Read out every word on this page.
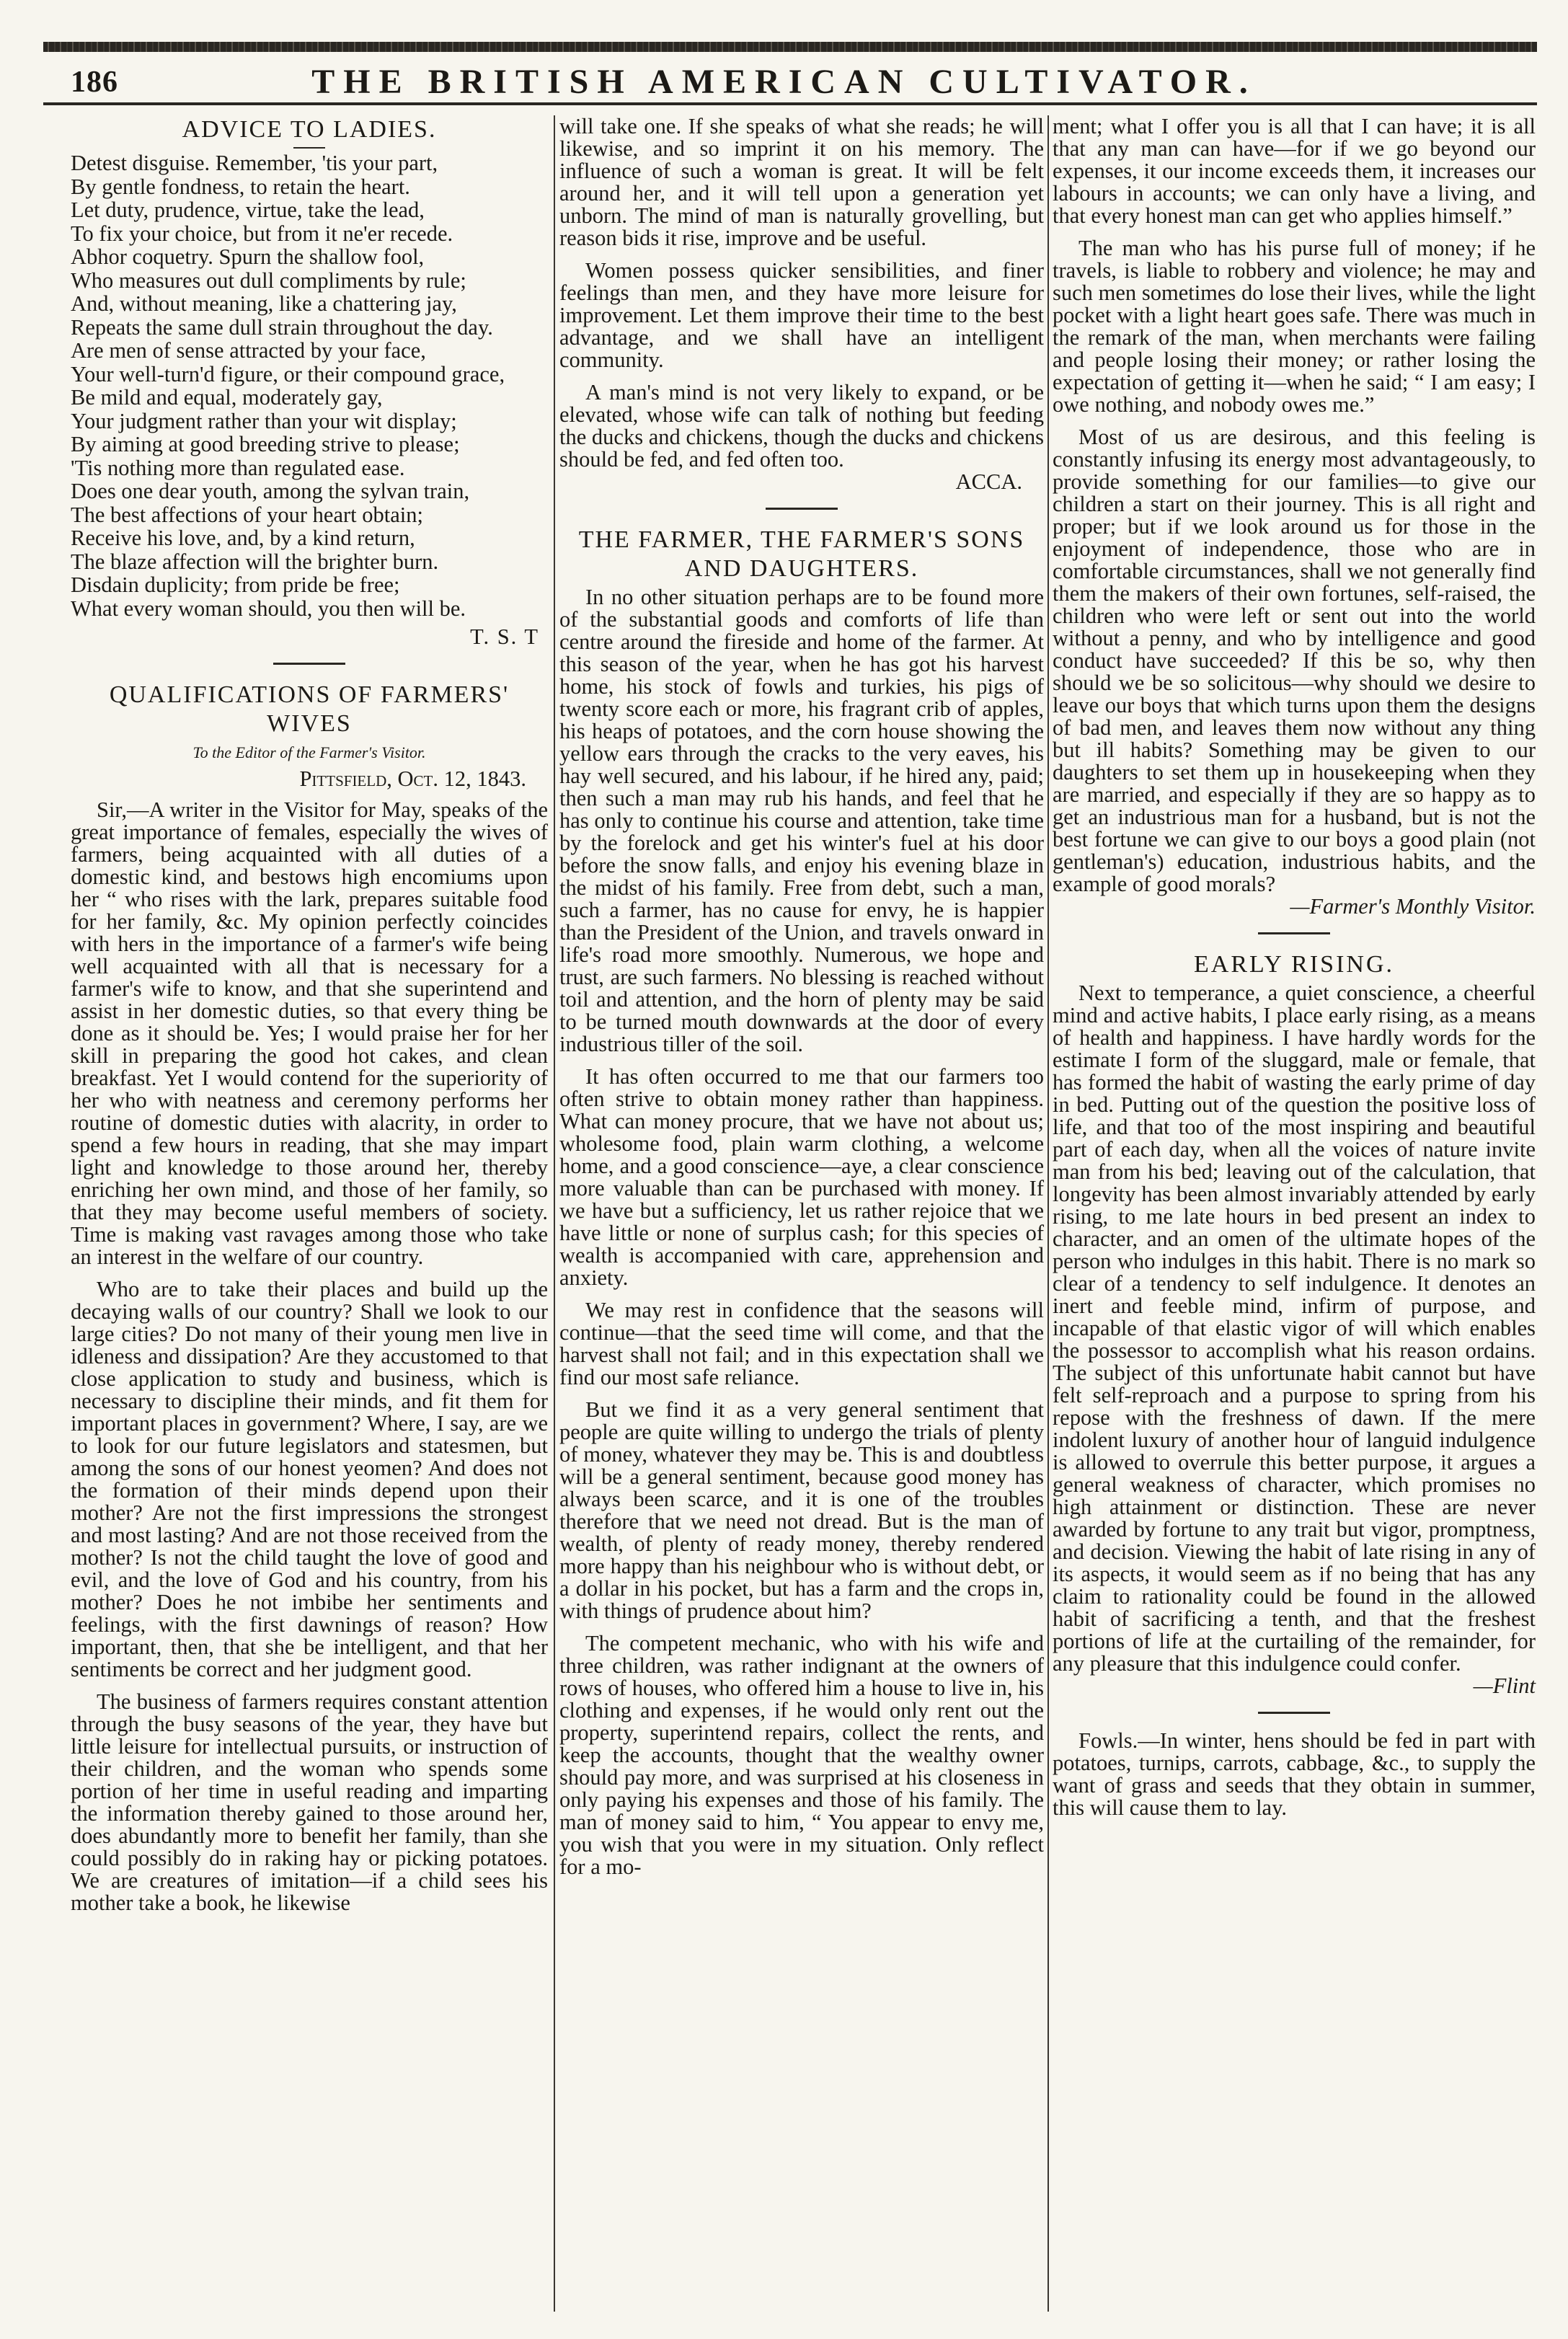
186	THE BRITISH AMERICAN CULTIVATOR.
ADVICE TO LADIES.
Detest disguise. Remember, 'tis your part,
By gentle fondness, to retain the heart.
Let duty, prudence, virtue, take the lead,
To fix your choice, but from it ne'er recede.
Abhor coquetry. Spurn the shallow fool,
Who measures out dull compliments by rule;
And, without meaning, like a chattering jay,
Repeats the same dull strain throughout the day.
Are men of sense attracted by your face,
Your well-turn'd figure, or their compound grace,
Be mild and equal, moderately gay,
Your judgment rather than your wit display;
By aiming at good breeding strive to please;
'Tis nothing more than regulated ease.
Does one dear youth, among the sylvan train,
The best affections of your heart obtain;
Receive his love, and, by a kind return,
The blaze affection will the brighter burn.
Disdain duplicity; from pride be free;
What every woman should, you then will be.
T. S. T
QUALIFICATIONS OF FARMERS' WIVES
To the Editor of the Farmer's Visitor.
Pittsfield, Oct. 12, 1843.

Sir,—A writer in the Visitor for May, speaks of the great importance of females, especially the wives of farmers, being acquainted with all duties of a domestic kind, and bestows high encomiums upon her “ who rises with the lark, prepares suitable food for her family, &c. My opinion perfectly coincides with hers in the importance of a farmer's wife being well acquainted with all that is necessary for a farmer's wife to know, and that she superintend and assist in her domestic duties, so that every thing be done as it should be. Yes; I would praise her for her skill in preparing the good hot cakes, and clean breakfast. Yet I would contend for the superiority of her who with neatness and ceremony performs her routine of domestic duties with alacrity, in order to spend a few hours in reading, that she may impart light and knowledge to those around her, thereby enriching her own mind, and those of her family, so that they may become useful members of society. Time is making vast ravages among those who take an interest in the welfare of our country.

Who are to take their places and build up the decaying walls of our country? Shall we look to our large cities? Do not many of their young men live in idleness and dissipation? Are they accustomed to that close application to study and business, which is necessary to discipline their minds, and fit them for important places in government? Where, I say, are we to look for our future legislators and statesmen, but among the sons of our honest yeomen? And does not the formation of their minds depend upon their mother? Are not the first impressions the strongest and most lasting? And are not those received from the mother? Is not the child taught the love of good and evil, and the love of God and his country, from his mother? Does he not imbibe her sentiments and feelings, with the first dawnings of reason? How important, then, that she be intelligent, and that her sentiments be correct and her judgment good.

The business of farmers requires constant attention through the busy seasons of the year, they have but little leisure for intellectual pursuits, or instruction of their children, and the woman who spends some portion of her time in useful reading and imparting the information thereby gained to those around her, does abundantly more to benefit her family, than she could possibly do in raking hay or picking potatoes. We are creatures of imitation—if a child sees his mother take a book, he likewise

will take one. If she speaks of what she reads; he will likewise, and so imprint it on his memory. The influence of such a woman is great. It will be felt around her, and it will tell upon a generation yet unborn. The mind of man is naturally grovelling, but reason bids it rise, improve and be useful.

Women possess quicker sensibilities, and finer feelings than men, and they have more leisure for improvement. Let them improve their time to the best advantage, and we shall have an intelligent community.

A man's mind is not very likely to expand, or be elevated, whose wife can talk of nothing but feeding the ducks and chickens, though the ducks and chickens should be fed, and fed often too.

ACCA.
THE FARMER, THE FARMER'S SONS AND DAUGHTERS.

In no other situation perhaps are to be found more of the substantial goods and comforts of life than centre around the fireside and home of the farmer. At this season of the year, when he has got his harvest home, his stock of fowls and turkies, his pigs of twenty score each or more, his fragrant crib of apples, his heaps of potatoes, and the corn house showing the yellow ears through the cracks to the very eaves, his hay well secured, and his labour, if he hired any, paid; then such a man may rub his hands, and feel that he has only to continue his course and attention, take time by the forelock and get his winter's fuel at his door before the snow falls, and enjoy his evening blaze in the midst of his family. Free from debt, such a man, such a farmer, has no cause for envy, he is happier than the President of the Union, and travels onward in life's road more smoothly. Numerous, we hope and trust, are such farmers. No blessing is reached without toil and attention, and the horn of plenty may be said to be turned mouth downwards at the door of every industrious tiller of the soil.

It has often occurred to me that our farmers too often strive to obtain money rather than happiness. What can money procure, that we have not about us; wholesome food, plain warm clothing, a welcome home, and a good conscience—aye, a clear conscience more valuable than can be purchased with money. If we have but a sufficiency, let us rather rejoice that we have little or none of surplus cash; for this species of wealth is accompanied with care, apprehension and anxiety.

We may rest in confidence that the seasons will continue—that the seed time will come, and that the harvest shall not fail; and in this expectation shall we find our most safe reliance.

But we find it as a very general sentiment that people are quite willing to undergo the trials of plenty of money, whatever they may be. This is and doubtless will be a general sentiment, because good money has always been scarce, and it is one of the troubles therefore that we need not dread. But is the man of wealth, of plenty of ready money, thereby rendered more happy than his neighbour who is without debt, or a dollar in his pocket, but has a farm and the crops in, with things of prudence about him?

The competent mechanic, who with his wife and three children, was rather indignant at the owners of rows of houses, who offered him a house to live in, his clothing and expenses, if he would only rent out the property, superintend repairs, collect the rents, and keep the accounts, thought that the wealthy owner should pay more, and was surprised at his closeness in only paying his expenses and those of his family. The man of money said to him, “ You appear to envy me, you wish that you were in my situation. Only reflect for a mo-

ment; what I offer you is all that I can have; it is all that any man can have—for if we go beyond our expenses, it our income exceeds them, it increases our labours in accounts; we can only have a living, and that every honest man can get who applies himself.”

The man who has his purse full of money; if he travels, is liable to robbery and violence; he may and such men sometimes do lose their lives, while the light pocket with a light heart goes safe. There was much in the remark of the man, when merchants were failing and people losing their money; or rather losing the expectation of getting it—when he said; “ I am easy; I owe nothing, and nobody owes me.”

Most of us are desirous, and this feeling is constantly infusing its energy most advantageously, to provide something for our families—to give our children a start on their journey. This is all right and proper; but if we look around us for those in the enjoyment of independence, those who are in comfortable circumstances, shall we not generally find them the makers of their own fortunes, self-raised, the children who were left or sent out into the world without a penny, and who by intelligence and good conduct have succeeded? If this be so, why then should we be so solicitous—why should we desire to leave our boys that which turns upon them the designs of bad men, and leaves them now without any thing but ill habits? Something may be given to our daughters to set them up in housekeeping when they are married, and especially if they are so happy as to get an industrious man for a husband, but is not the best fortune we can give to our boys a good plain (not gentleman's) education, industrious habits, and the example of good morals?

—Farmer's Monthly Visitor.
EARLY RISING.

Next to temperance, a quiet conscience, a cheerful mind and active habits, I place early rising, as a means of health and happiness. I have hardly words for the estimate I form of the sluggard, male or female, that has formed the habit of wasting the early prime of day in bed. Putting out of the question the positive loss of life, and that too of the most inspiring and beautiful part of each day, when all the voices of nature invite man from his bed; leaving out of the calculation, that longevity has been almost invariably attended by early rising, to me late hours in bed present an index to character, and an omen of the ultimate hopes of the person who indulges in this habit. There is no mark so clear of a tendency to self indulgence. It denotes an inert and feeble mind, infirm of purpose, and incapable of that elastic vigor of will which enables the possessor to accomplish what his reason ordains. The subject of this unfortunate habit cannot but have felt self-reproach and a purpose to spring from his repose with the freshness of dawn. If the mere indolent luxury of another hour of languid indulgence is allowed to overrule this better purpose, it argues a general weakness of character, which promises no high attainment or distinction. These are never awarded by fortune to any trait but vigor, promptness, and decision. Viewing the habit of late rising in any of its aspects, it would seem as if no being that has any claim to rationality could be found in the allowed habit of sacrificing a tenth, and that the freshest portions of life at the curtailing of the remainder, for any pleasure that this indulgence could confer.

—Flint

Fowls.—In winter, hens should be fed in part with potatoes, turnips, carrots, cabbage, &c., to supply the want of grass and seeds that they obtain in summer, this will cause them to lay.
